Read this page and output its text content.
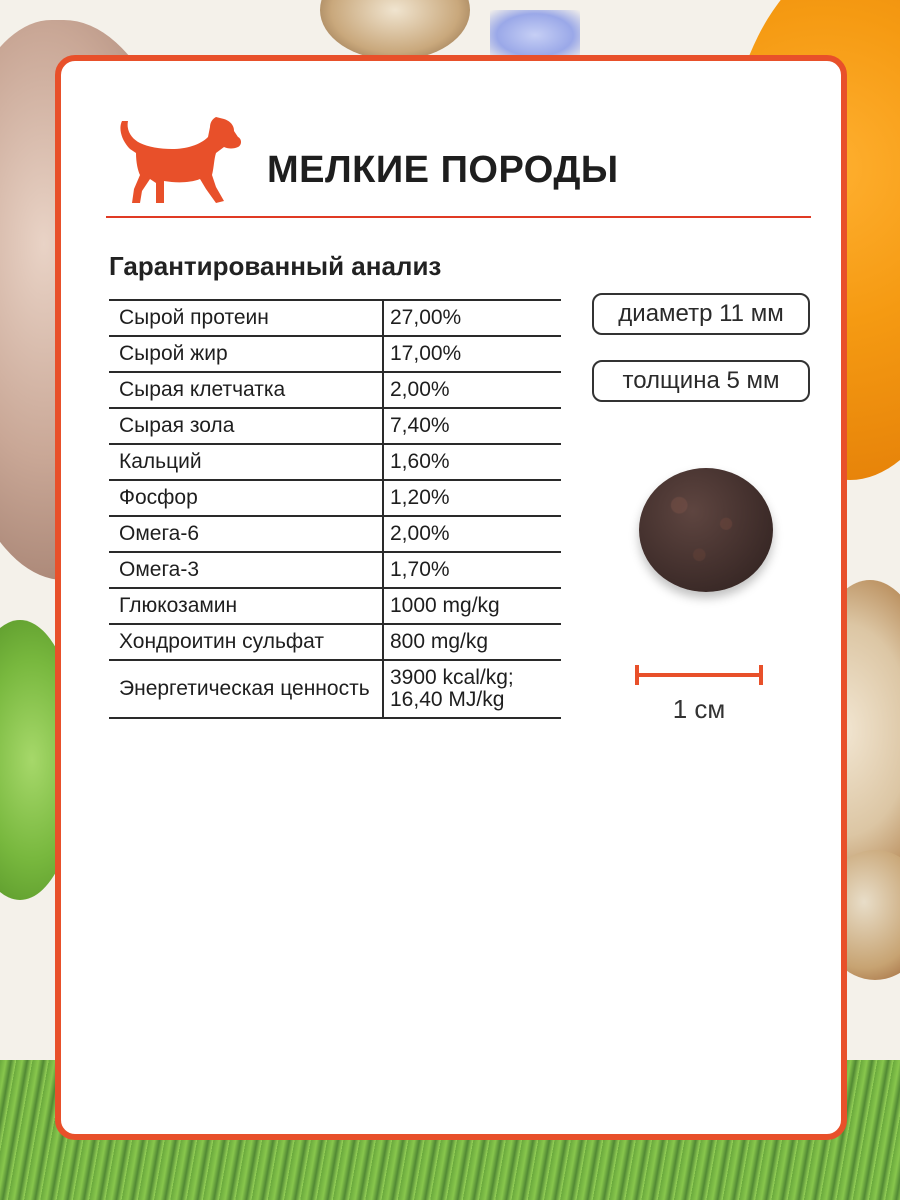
МЕЛКИЕ ПОРОДЫ
Гарантированный анализ
Сырой протеин	27,00%
Сырой жир	17,00%
Сырая клетчатка	2,00%
Сырая зола	7,40%
Кальций	1,60%
Фосфор	1,20%
Омега-6	2,00%
Омега-3	1,70%
Глюкозамин	1000 mg/kg
Хондроитин сульфат	800 mg/kg
Энергетическая ценность	3900 kcal/kg; 16,40 MJ/kg
диаметр 11 мм
толщина 5 мм
1 см
